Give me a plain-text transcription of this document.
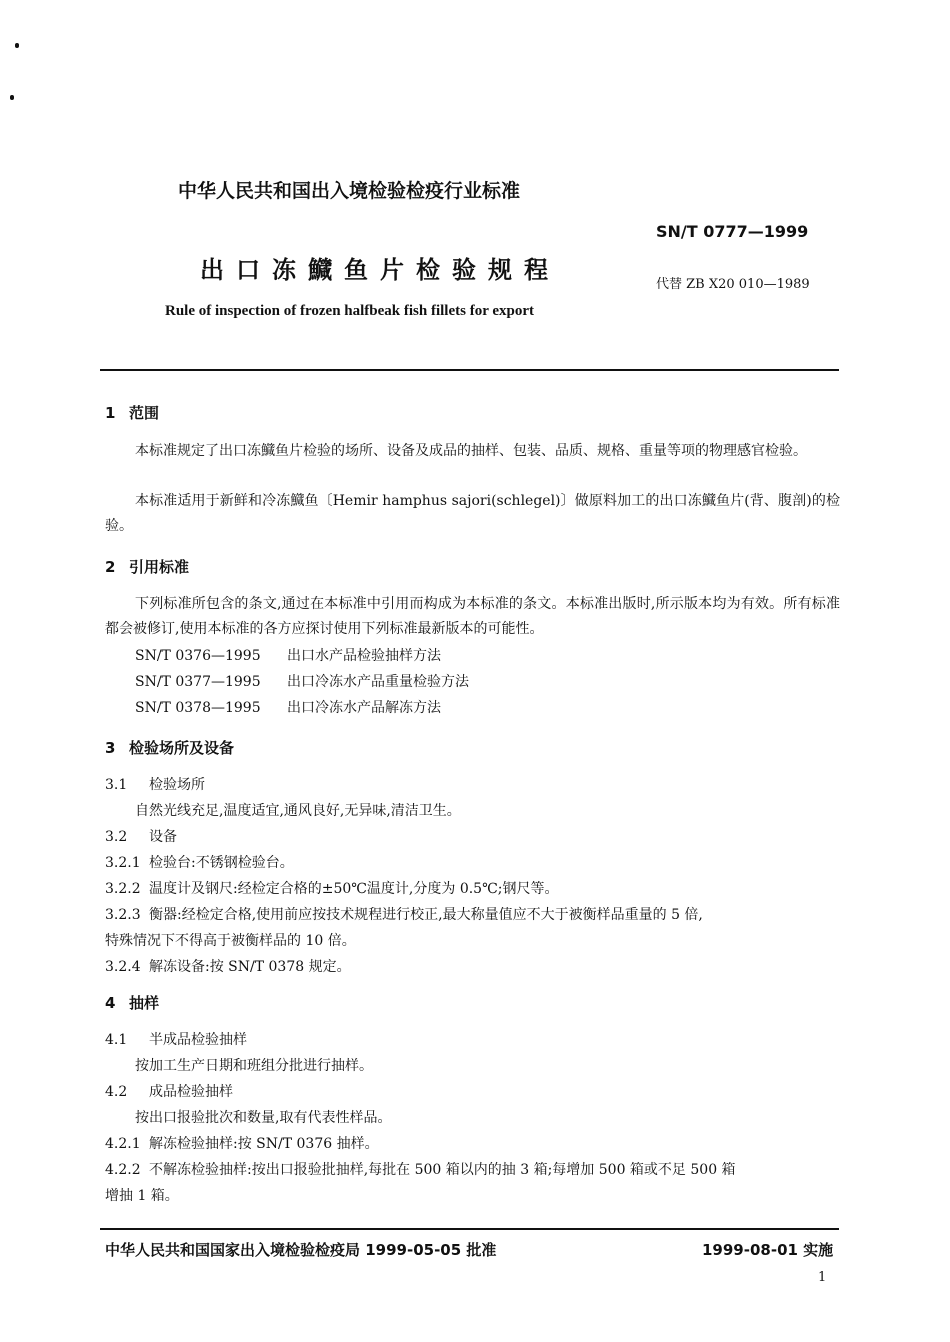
中华人民共和国出入境检验检疫行业标准
SN/T 0777—1999
出口冻鱵鱼片检验规程
代替 ZB X20 010—1989
Rule of inspection of frozen halfbeak fish fillets for export
1 范围
本标准规定了出口冻鱵鱼片检验的场所、设备及成品的抽样、包装、品质、规格、重量等项的物理感官检验。
本标准适用于新鲜和冷冻鱵鱼〔Hemir hamphus sajori(schlegel)〕做原料加工的出口冻鱵鱼片(背、腹剖)的检验。
2 引用标准
下列标准所包含的条文,通过在本标准中引用而构成为本标准的条文。本标准出版时,所示版本均为有效。所有标准都会被修订,使用本标准的各方应探讨使用下列标准最新版本的可能性。
SN/T 0376—1995 出口水产品检验抽样方法
SN/T 0377—1995 出口冷冻水产品重量检验方法
SN/T 0378—1995 出口冷冻水产品解冻方法
3 检验场所及设备
3.1 检验场所
自然光线充足,温度适宜,通风良好,无异味,清洁卫生。
3.2 设备
3.2.1 检验台:不锈钢检验台。
3.2.2 温度计及钢尺:经检定合格的±50℃温度计,分度为 0.5℃;钢尺等。
3.2.3 衡器:经检定合格,使用前应按技术规程进行校正,最大称量值应不大于被衡样品重量的 5 倍,
特殊情况下不得高于被衡样品的 10 倍。
3.2.4 解冻设备:按 SN/T 0378 规定。
4 抽样
4.1 半成品检验抽样
按加工生产日期和班组分批进行抽样。
4.2 成品检验抽样
按出口报验批次和数量,取有代表性样品。
4.2.1 解冻检验抽样:按 SN/T 0376 抽样。
4.2.2 不解冻检验抽样:按出口报验批抽样,每批在 500 箱以内的抽 3 箱;每增加 500 箱或不足 500 箱
增抽 1 箱。
中华人民共和国国家出入境检验检疫局 1999-05-05 批准	1999-08-01 实施
1
